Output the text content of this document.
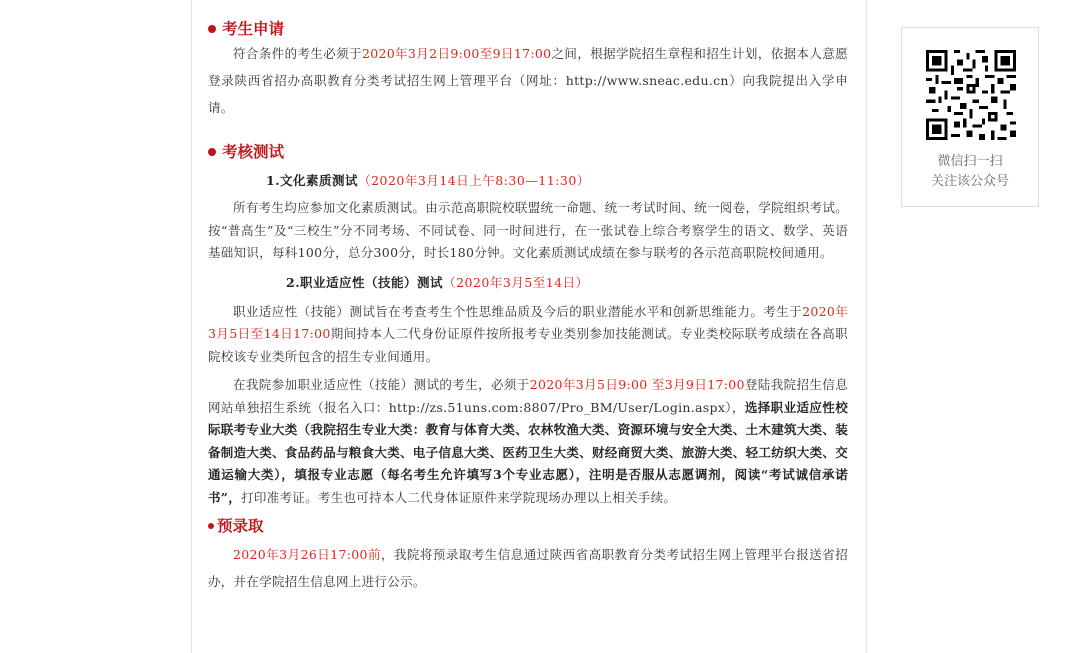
考生申请

符合条件的考生必须于2020年3月2日9:00至9日17:00之间，根据学院招生章程和招生计划，依据本人意愿登录陕西省招办高职教育分类考试招生网上管理平台（网址：http://www.sneac.edu.cn）向我院提出入学申请。

考核测试
1.文化素质测试（2020年3月14日上午8:30—11:30）

所有考生均应参加文化素质测试。由示范高职院校联盟统一命题、统一考试时间、统一阅卷，学院组织考试。按“普高生”及“三校生”分不同考场、不同试卷、同一时间进行，在一张试卷上综合考察学生的语文、数学、英语基础知识，每科100分，总分300分，时长180分钟。文化素质测试成绩在参与联考的各示范高职院校间通用。

2.职业适应性（技能）测试（2020年3月5至14日）

职业适应性（技能）测试旨在考查考生个性思维品质及今后的职业潜能水平和创新思维能力。考生于2020年3月5日至14日17:00期间持本人二代身份证原件按所报考专业类别参加技能测试。专业类校际联考成绩在各高职院校该专业类所包含的招生专业间通用。

在我院参加职业适应性（技能）测试的考生，必须于2020年3月5日9:00 至3月9日17:00登陆我院招生信息网站单独招生系统（报名入口：http://zs.51uns.com:8807/Pro_BM/User/Login.aspx），选择职业适应性校际联考专业大类（我院招生专业大类：教育与体育大类、农林牧渔大类、资源环境与安全大类、土木建筑大类、装备制造大类、食品药品与粮食大类、电子信息大类、医药卫生大类、财经商贸大类、旅游大类、轻工纺织大类、交通运输大类），填报专业志愿（每名考生允许填写3个专业志愿），注明是否服从志愿调剂，阅读“考试诚信承诺书”，打印准考证。考生也可持本人二代身体证原件来学院现场办理以上相关手续。

预录取

2020年3月26日17:00前，我院将预录取考生信息通过陕西省高职教育分类考试招生网上管理平台报送省招办，并在学院招生信息网上进行公示。

微信扫一扫
关注该公众号
